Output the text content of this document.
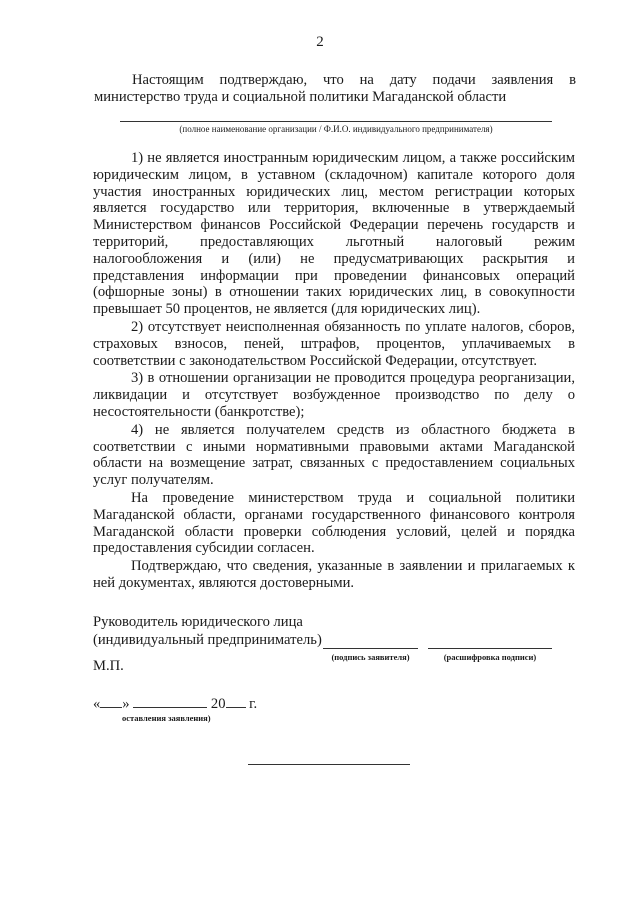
2
Настоящим подтверждаю, что на дату подачи заявления в министерство труда и социальной политики Магаданской области
(полное наименование организации / Ф.И.О. индивидуального предпринимателя)

1) не является иностранным юридическим лицом, а также российским юридическим лицом, в уставном (складочном) капитале которого доля участия иностранных юридических лиц, местом регистрации которых является государство или территория, включенные в утверждаемый Министерством финансов Российской Федерации перечень государств и территорий, предоставляющих льготный налоговый режим налогообложения и (или) не предусматривающих раскрытия и представления информации при проведении финансовых операций (офшорные зоны) в отношении таких юридических лиц, в совокупности превышает 50 процентов, не является (для юридических лиц).

2) отсутствует неисполненная обязанность по уплате налогов, сборов, страховых взносов, пеней, штрафов, процентов, уплачиваемых в соответствии с законодательством Российской Федерации, отсутствует.

3) в отношении организации не проводится процедура реорганизации, ликвидации и отсутствует возбужденное производство по делу о несостоятельности (банкротстве);

4) не является получателем средств из областного бюджета в соответствии с иными нормативными правовыми актами Магаданской области на возмещение затрат, связанных с предоставлением социальных услуг получателям.

На проведение министерством труда и социальной политики Магаданской области, органами государственного финансового контроля Магаданской области проверки соблюдения условий, целей и порядка предоставления субсидии согласен.

Подтверждаю, что сведения, указанные в заявлении и прилагаемых к ней документах, являются достоверными.

Руководитель юридического лица
(индивидуальный предприниматель)
(подпись заявителя)	(расшифровка подписи)
М.П.
« »	20 г.
оставления заявления)
